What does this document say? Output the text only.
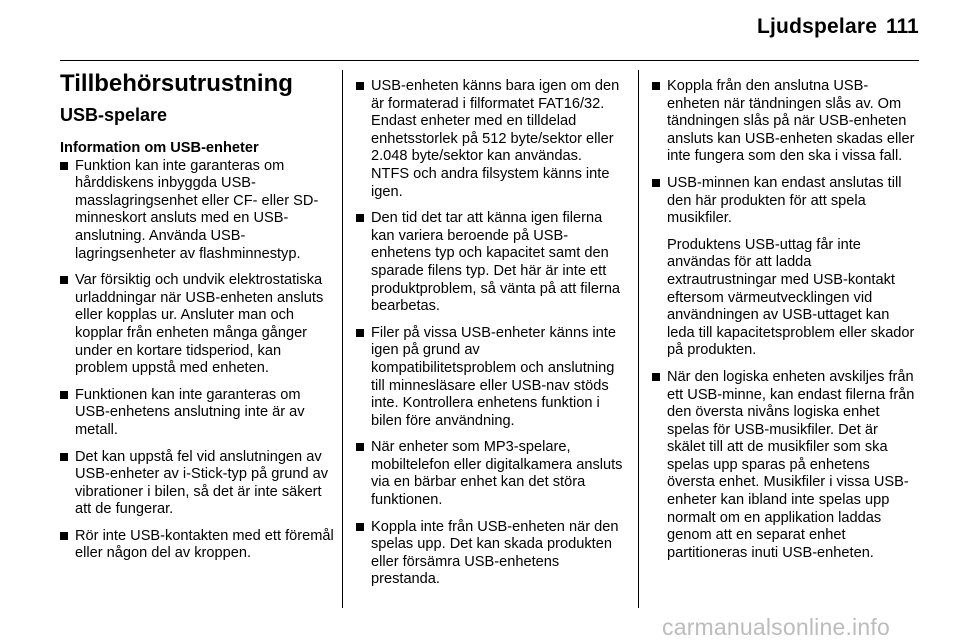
Ljudspelare 111
Tillbehörsutrustning
USB-spelare
Information om USB-enheter
Funktion kan inte garanteras om hårddiskens inbyggda USB-masslagringsenhet eller CF- eller SD-minneskort ansluts med en USB-anslutning. Använda USB-lagringsenheter av flashminnestyp.
Var försiktig och undvik elektrostatiska urladdningar när USB-enheten ansluts eller kopplas ur. Ansluter man och kopplar från enheten många gånger under en kortare tidsperiod, kan problem uppstå med enheten.
Funktionen kan inte garanteras om USB-enhetens anslutning inte är av metall.
Det kan uppstå fel vid anslutningen av USB-enheter av i-Stick-typ på grund av vibrationer i bilen, så det är inte säkert att de fungerar.
Rör inte USB-kontakten med ett föremål eller någon del av kroppen.
USB-enheten känns bara igen om den är formaterad i filformatet FAT16/32. Endast enheter med en tilldelad enhetsstorlek på 512 byte/sektor eller 2.048 byte/sektor kan användas. NTFS och andra filsystem känns inte igen.
Den tid det tar att känna igen filerna kan variera beroende på USB-enhetens typ och kapacitet samt den sparade filens typ. Det här är inte ett produktproblem, så vänta på att filerna bearbetas.
Filer på vissa USB-enheter känns inte igen på grund av kompatibilitetsproblem och anslutning till minnesläsare eller USB-nav stöds inte. Kontrollera enhetens funktion i bilen före användning.
När enheter som MP3-spelare, mobiltelefon eller digitalkamera ansluts via en bärbar enhet kan det störa funktionen.
Koppla inte från USB-enheten när den spelas upp. Det kan skada produkten eller försämra USB-enhetens prestanda.
Koppla från den anslutna USB-enheten när tändningen slås av. Om tändningen slås på när USB-enheten ansluts kan USB-enheten skadas eller inte fungera som den ska i vissa fall.
USB-minnen kan endast anslutas till den här produkten för att spela musikfiler.

Produktens USB-uttag får inte användas för att ladda extrautrustningar med USB-kontakt eftersom värmeutvecklingen vid användningen av USB-uttaget kan leda till kapacitetsproblem eller skador på produkten.

När den logiska enheten avskiljes från ett USB-minne, kan endast filerna från den översta nivåns logiska enhet spelas för USB-musikfiler. Det är skälet till att de musikfiler som ska spelas upp sparas på enhetens översta enhet. Musikfiler i vissa USB-enheter kan ibland inte spelas upp normalt om en applikation laddas genom att en separat enhet partitioneras inuti USB-enheten.
carmanualsonline.info
